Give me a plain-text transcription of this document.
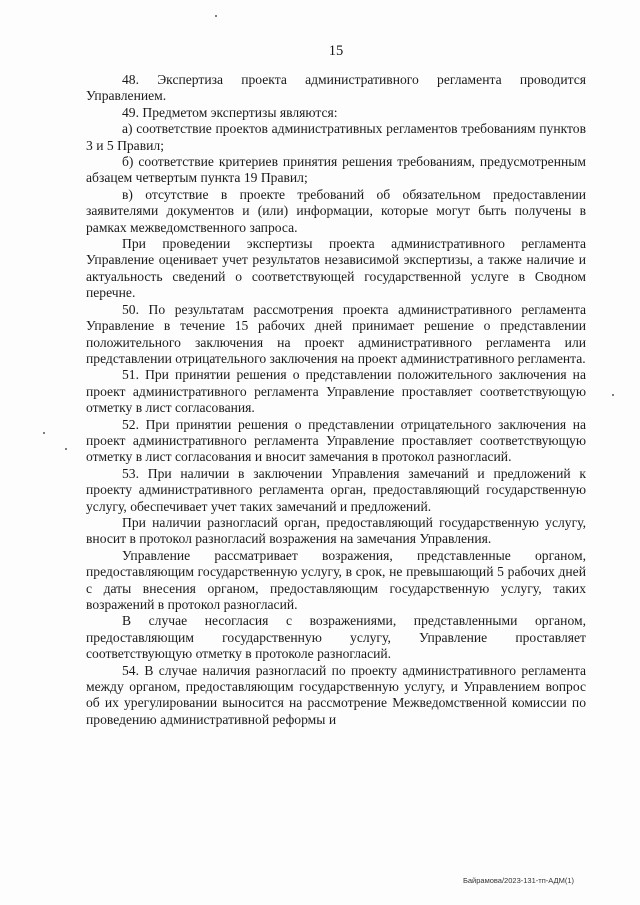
15

48. Экспертиза проекта административного регламента проводится Управлением.

49. Предметом экспертизы являются:

а) соответствие проектов административных регламентов требованиям пунктов 3 и 5 Правил;

б) соответствие критериев принятия решения требованиям, предусмотренным абзацем четвертым пункта 19 Правил;

в) отсутствие в проекте требований об обязательном предоставлении заявителями документов и (или) информации, которые могут быть получены в рамках межведомственного запроса.

При проведении экспертизы проекта административного регламента Управление оценивает учет результатов независимой экспертизы, а также наличие и актуальность сведений о соответствующей государственной услуге в Сводном перечне.

50. По результатам рассмотрения проекта административного регламента Управление в течение 15 рабочих дней принимает решение о представлении положительного заключения на проект административного регламента или представлении отрицательного заключения на проект административного регламента.

51. При принятии решения о представлении положительного заключения на проект административного регламента Управление проставляет соответствующую отметку в лист согласования.

52. При принятии решения о представлении отрицательного заключения на проект административного регламента Управление проставляет соответствующую отметку в лист согласования и вносит замечания в протокол разногласий.

53. При наличии в заключении Управления замечаний и предложений к проекту административного регламента орган, предоставляющий государственную услугу, обеспечивает учет таких замечаний и предложений.

При наличии разногласий орган, предоставляющий государственную услугу, вносит в протокол разногласий возражения на замечания Управления.

Управление рассматривает возражения, представленные органом, предоставляющим государственную услугу, в срок, не превышающий 5 рабочих дней с даты внесения органом, предоставляющим государственную услугу, таких возражений в протокол разногласий.

В случае несогласия с возражениями, представленными органом, предоставляющим государственную услугу, Управление проставляет соответствующую отметку в протоколе разногласий.

54. В случае наличия разногласий по проекту административного регламента между органом, предоставляющим государственную услугу, и Управлением вопрос об их урегулировании выносится на рассмотрение Межведомственной комиссии по проведению административной реформы и

Байрамова/2023-131-тп-АДМ(1)
